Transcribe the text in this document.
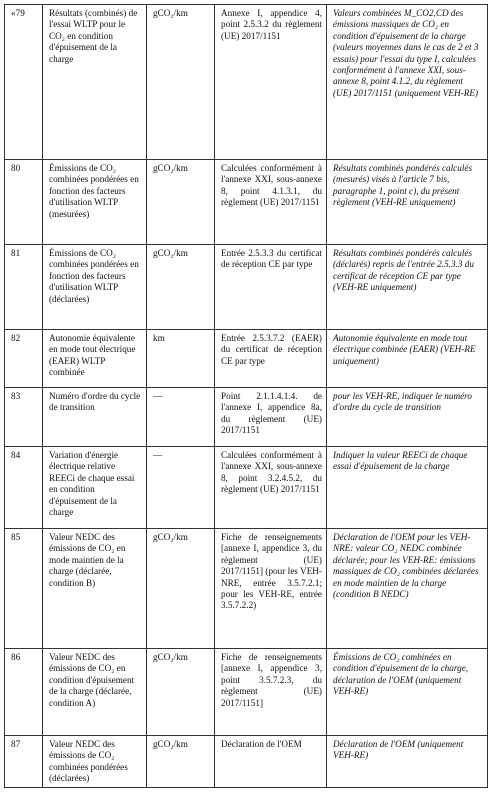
«79	Résultats (combinés) de l'essai WLTP pour le CO₂ en condition d'épuisement de la charge	gCO₂/km	Annexe I, appendice 4, point 2.5.3.2 du règlement (UE) 2017/1151	Valeurs combinées M_CO2,CD des émissions massiques de CO₂ en condition d'épuisement de la charge (valeurs moyennes dans le cas de 2 et 3 essais) pour l'essai du type I, calculées conformément à l'annexe XXI, sous-annexe 8, point 4.1.2, du règlement (UE) 2017/1151 (uniquement VEH-RE)
80	Émissions de CO₂ combinées pondérées en fonction des facteurs d'utilisation WLTP (mesurées)	gCO₂/km	Calculées conformément à l'annexe XXI, sous-annexe 8, point 4.1.3.1, du règlement (UE) 2017/1151	Résultats combinés pondérés calculés (mesurés) visés à l'article 7 bis, paragraphe 1, point c), du présent règlement (VEH-RE uniquement)
81	Émissions de CO₂ combinées pondérées en fonction des facteurs d'utilisation WLTP (déclarées)	gCO₂/km	Entrée 2.5.3.3 du certificat de réception CE par type	Résultats combinés pondérés calculés (déclarés) repris de l'entrée 2.5.3.3 du certificat de réception CE par type (VEH-RE uniquement)
82	Autonomie équivalente en mode tout électrique (EAER) WLTP combinée	km	Entrée 2.5.3.7.2 (EAER) du certificat de réception CE par type	Autonomie équivalente en mode tout électrique combinée (EAER) (VEH-RE uniquement)
83	Numéro d'ordre du cycle de transition	—	Point 2.1.1.4.1.4. de l'annexe I, appendice 8a, du règlement (UE) 2017/1151	pour les VEH-RE, indiquer le numéro d'ordre du cycle de transition
84	Variation d'énergie électrique relative REECi de chaque essai en condition d'épuisement de la charge	—	Calculées conformément à l'annexe XXI, sous-annexe 8, point 3.2.4.5.2, du règlement (UE) 2017/1151	Indiquer la valeur REECi de chaque essai d'épuisement de la charge
85	Valeur NEDC des émissions de CO₂ en mode maintien de la charge (déclarée, condition B)	gCO₂/km	Fiche de renseignements [annexe I, appendice 3, du règlement (UE) 2017/1151] (pour les VEH-NRE, entrée 3.5.7.2.1; pour les VEH-RE, entrée 3.5.7.2.2)	Déclaration de l'OEM pour les VEH-NRE: valeur CO₂ NEDC combinée déclarée; pour les VEH-RE: émissions massiques de CO₂ combinées déclarées en mode maintien de la charge (condition B NEDC)
86	Valeur NEDC des émissions de CO₂ en condition d'épuisement de la charge (déclarée, condition A)	gCO₂/km	Fiche de renseignements [annexe I, appendice 3, point 3.5.7.2.3, du règlement (UE) 2017/1151]	Émissions de CO₂ combinées en condition d'épuisement de la charge, déclaration de l'OEM (uniquement VEH-RE)
87	Valeur NEDC des émissions de CO₂ combinées pondérées (déclarées)	gCO₂/km	Déclaration de l'OEM	Déclaration de l'OEM (uniquement VEH-RE)
